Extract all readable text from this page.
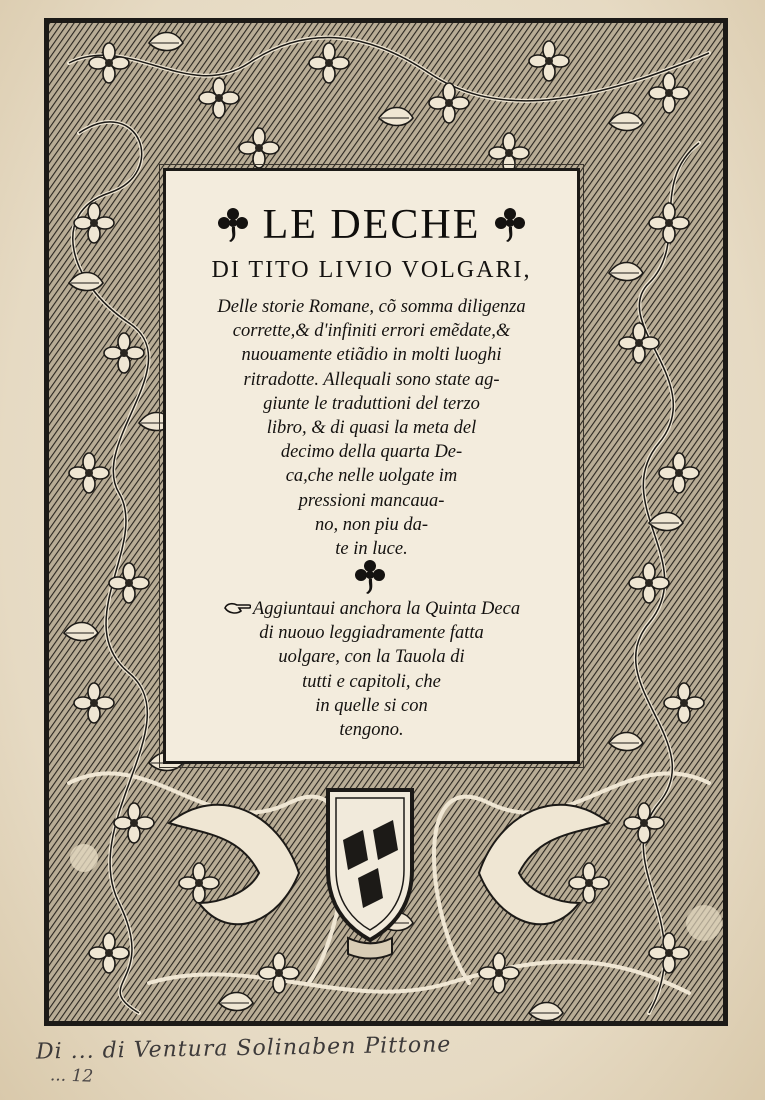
LE DECHE
DI TITO LIVIO VOLGARI,
Delle storie Romane, cõ somma diligenza
corrette,& d'infiniti errori emẽdate,&
nuouamente etiãdio in molti luoghi
ritradotte. Allequali sono state ag-
giunte le traduttioni del terzo
libro, & di quasi la meta del
decimo della quarta De-
ca,che nelle uolgate im
pressioni mancaua-
no, non piu da-
te in luce.
Aggiuntaui anchora la Quinta Deca
di nuouo leggiadramente fatta
uolgare, con la Tauola di
tutti e capitoli, che
in quelle si con
tengono.
Di ... di Ventura Solinaben Pittone
... 12
